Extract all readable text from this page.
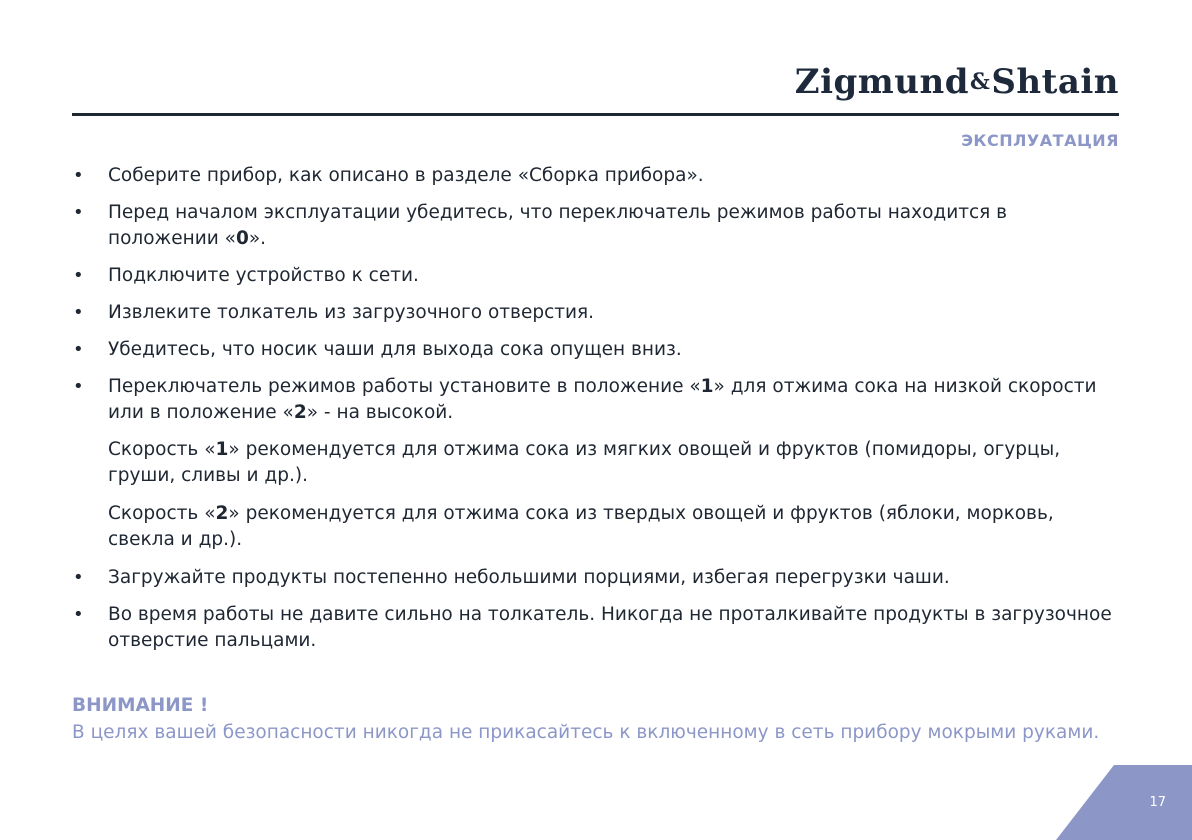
Zigmund&Shtain
ЭКСПЛУАТАЦИЯ
• Соберите прибор, как описано в разделе «Сборка прибора».
• Перед началом эксплуатации убедитесь, что переключатель режимов работы находится в положении «0».
• Подключите устройство к сети.
• Извлеките толкатель из загрузочного отверстия.
• Убедитесь, что носик чаши для выхода сока опущен вниз.
• Переключатель режимов работы установите в положение «1» для отжима сока на низкой скорости или в положение «2» - на высокой.
Скорость «1» рекомендуется для отжима сока из мягких овощей и фруктов (помидоры, огурцы, груши, сливы и др.).
Скорость «2» рекомендуется для отжима сока из твердых овощей и фруктов (яблоки, морковь, свекла и др.).
• Загружайте продукты постепенно небольшими порциями, избегая перегрузки чаши.
• Во время работы не давите сильно на толкатель. Никогда не проталкивайте продукты в загрузочное отверстие пальцами.
ВНИМАНИЕ !
В целях вашей безопасности никогда не прикасайтесь к включенному в сеть прибору мокрыми руками.
17
